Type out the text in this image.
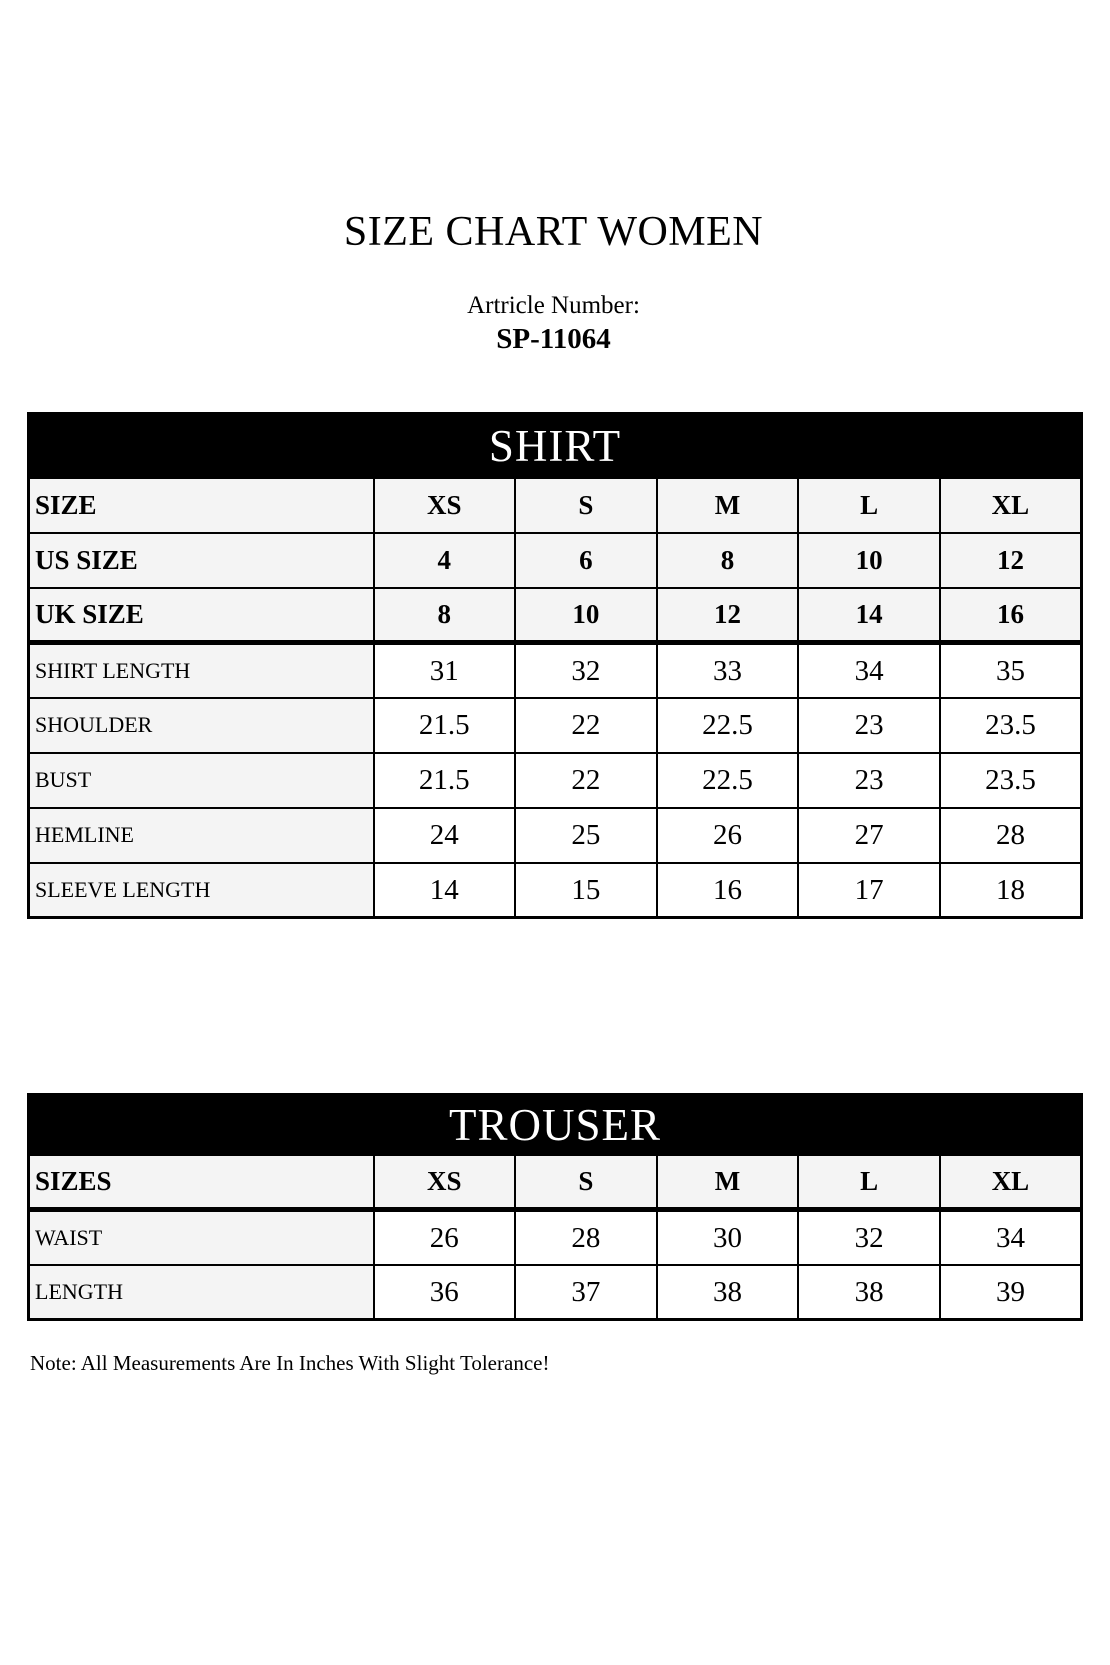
SIZE CHART WOMEN
Artricle Number:
SP-11064
SHIRT					
SIZE	XS	S	M	L	XL
US SIZE	4	6	8	10	12
UK SIZE	8	10	12	14	16
SHIRT LENGTH	31	32	33	34	35
SHOULDER	21.5	22	22.5	23	23.5
BUST	21.5	22	22.5	23	23.5
HEMLINE	24	25	26	27	28
SLEEVE LENGTH	14	15	16	17	18
TROUSER					
SIZES	XS	S	M	L	XL
WAIST	26	28	30	32	34
LENGTH	36	37	38	38	39
Note: All Measurements Are In Inches With Slight Tolerance!
